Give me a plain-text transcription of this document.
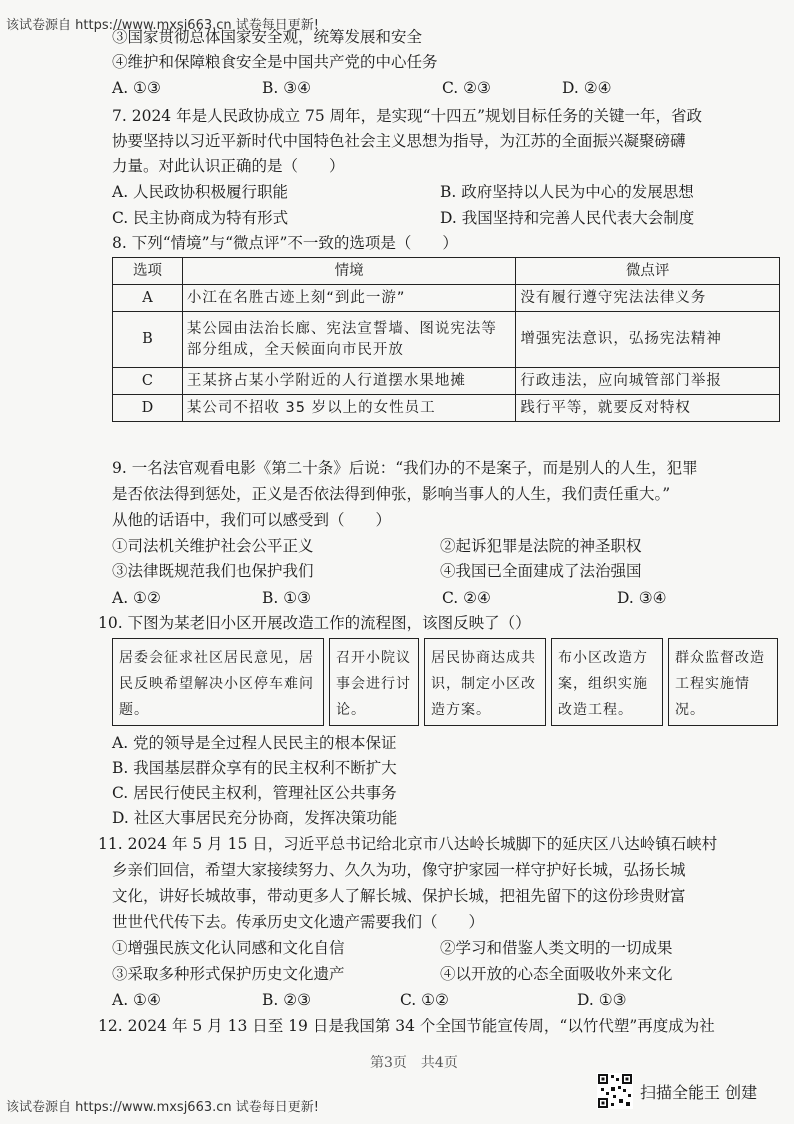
该试卷源自 https://www.mxsj663.cn 试卷每日更新!
③国家贯彻总体国家安全观，统筹发展和安全
④维护和保障粮食安全是中国共产党的中心任务
A. ①③	B. ③④	C. ②③	D. ②④
7. 2024 年是人民政协成立 75 周年，是实现“十四五”规划目标任务的关键一年，省政
协要坚持以习近平新时代中国特色社会主义思想为指导，为江苏的全面振兴凝聚磅礴
力量。对此认识正确的是（　　）
A. 人民政协积极履行职能	B. 政府坚持以人民为中心的发展思想
C. 民主协商成为特有形式	D. 我国坚持和完善人民代表大会制度
8. 下列“情境”与“微点评”不一致的选项是（　　）
选项	情境	微点评
A	小江在名胜古迹上刻“到此一游”	没有履行遵守宪法法律义务
B	某公园由法治长廊、宪法宣誓墙、图说宪法等部分组成，全天候面向市民开放	增强宪法意识，弘扬宪法精神
C	王某挤占某小学附近的人行道摆水果地摊	行政违法，应向城管部门举报
D	某公司不招收 35 岁以上的女性员工	践行平等，就要反对特权
9. 一名法官观看电影《第二十条》后说：“我们办的不是案子，而是别人的人生，犯罪
是否依法得到惩处，正义是否依法得到伸张，影响当事人的人生，我们责任重大。”
从他的话语中，我们可以感受到（　　）
①司法机关维护社会公平正义	②起诉犯罪是法院的神圣职权
③法律既规范我们也保护我们	④我国已全面建成了法治强国
A. ①②	B. ①③	C. ②④	D. ③④
10. 下图为某老旧小区开展改造工作的流程图，该图反映了（）
居委会征求社区居民意见，居民反映希望解决小区停车难问题。
召开小院议事会进行讨论。
居民协商达成共识，制定小区改造方案。
布小区改造方案，组织实施改造工程。
群众监督改造工程实施情况。
A. 党的领导是全过程人民民主的根本保证
B. 我国基层群众享有的民主权利不断扩大
C. 居民行使民主权利，管理社区公共事务
D. 社区大事居民充分协商，发挥决策功能
11. 2024 年 5 月 15 日，习近平总书记给北京市八达岭长城脚下的延庆区八达岭镇石峡村
乡亲们回信，希望大家接续努力、久久为功，像守护家园一样守护好长城，弘扬长城
文化，讲好长城故事，带动更多人了解长城、保护长城，把祖先留下的这份珍贵财富
世世代代传下去。传承历史文化遗产需要我们（　　）
①增强民族文化认同感和文化自信	②学习和借鉴人类文明的一切成果
③采取多种形式保护历史文化遗产	④以开放的心态全面吸收外来文化
A. ①④	B. ②③	C. ①②	D. ①③
12. 2024 年 5 月 13 日至 19 日是我国第 34 个全国节能宣传周，“以竹代塑”再度成为社
第3页　共4页
该试卷源自 https://www.mxsj663.cn 试卷每日更新!
扫描全能王 创建
